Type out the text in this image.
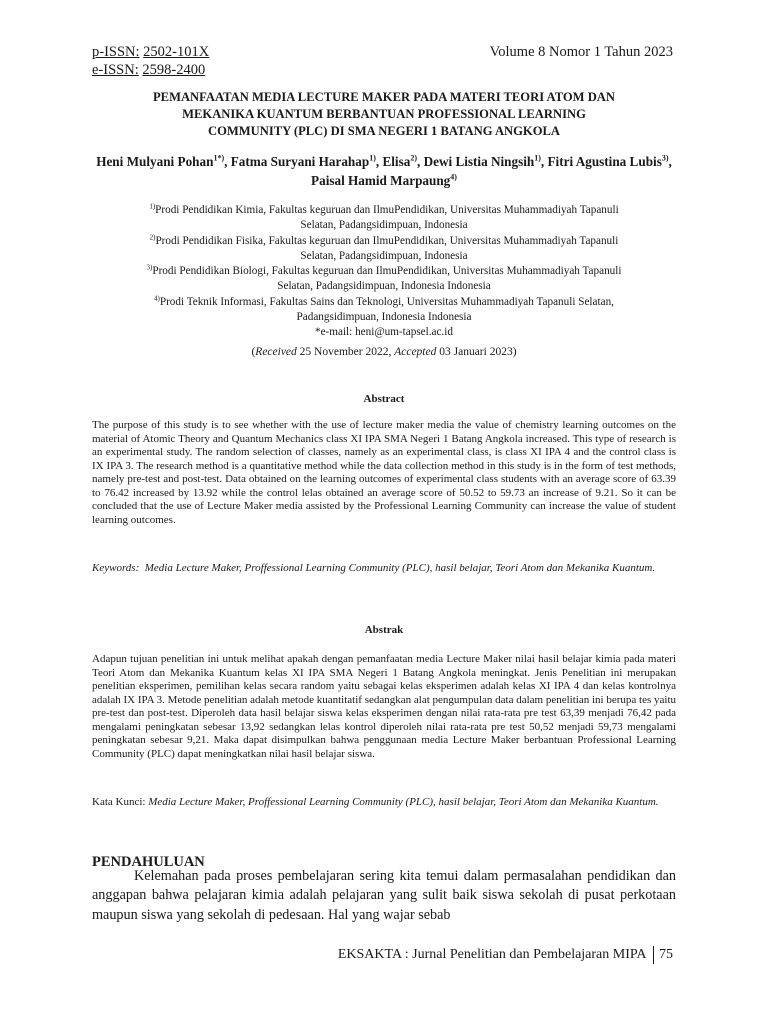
p-ISSN: 2502-101X
e-ISSN: 2598-2400
Volume 8 Nomor 1 Tahun 2023
PEMANFAATAN MEDIA LECTURE MAKER PADA MATERI TEORI ATOM DAN
MEKANIKA KUANTUM BERBANTUAN PROFESSIONAL LEARNING
COMMUNITY (PLC) DI SMA NEGERI 1 BATANG ANGKOLA
Heni Mulyani Pohan$^{1*)}$, Fatma Suryani Harahap$^{1)}$, Elisa$^{2)}$, Dewi Listia Ningsih$^{1)}$, Fitri Agustina Lubis$^{3)}$, Paisal Hamid Marpaung$^{4)}$
$^{1)}$Prodi Pendidikan Kimia, Fakultas keguruan dan IlmuPendidikan, Universitas Muhammadiyah Tapanuli
Selatan, Padangsidimpuan, Indonesia
$^{2)}$Prodi Pendidikan Fisika, Fakultas keguruan dan IlmuPendidikan, Universitas Muhammadiyah Tapanuli
Selatan, Padangsidimpuan, Indonesia
$^{3)}$Prodi Pendidikan Biologi, Fakultas keguruan dan IlmuPendidikan, Universitas Muhammadiyah Tapanuli
Selatan, Padangsidimpuan, Indonesia Indonesia
$^{4)}$Prodi Teknik Informasi, Fakultas Sains dan Teknologi, Universitas Muhammadiyah Tapanuli Selatan,
Padangsidimpuan, Indonesia Indonesia
*e-mail: heni@um-tapsel.ac.id
(Received 25 November 2022, Accepted 03 Januari 2023)
Abstract
The purpose of this study is to see whether with the use of lecture maker media the value of chemistry learning outcomes on the material of Atomic Theory and Quantum Mechanics class XI IPA SMA Negeri 1 Batang Angkola increased. This type of research is an experimental study. The random selection of classes, namely as an experimental class, is class XI IPA 4 and the control class is IX IPA 3. The research method is a quantitative method while the data collection method in this study is in the form of test methods, namely pre-test and post-test. Data obtained on the learning outcomes of experimental class students with an average score of 63.39 to 76.42 increased by 13.92 while the control lelas obtained an average score of 50.52 to 59.73 an increase of 9.21. So it can be concluded that the use of Lecture Maker media assisted by the Professional Learning Community can increase the value of student learning outcomes.
Keywords: Media Lecture Maker, Proffessional Learning Community (PLC), hasil belajar, Teori Atom dan Mekanika Kuantum.
Abstrak
Adapun tujuan penelitian ini untuk melihat apakah dengan pemanfaatan media Lecture Maker nilai hasil belajar kimia pada materi Teori Atom dan Mekanika Kuantum kelas XI IPA SMA Negeri 1 Batang Angkola meningkat. Jenis Penelitian ini merupakan penelitian eksperimen, pemilihan kelas secara random yaitu sebagai kelas eksperimen adalah kelas XI IPA 4 dan kelas kontrolnya adalah IX IPA 3. Metode penelitian adalah metode kuantitatif sedangkan alat pengumpulan data dalam penelitian ini berupa tes yaitu pre-test dan post-test. Diperoleh data hasil belajar siswa kelas eksperimen dengan nilai rata-rata pre test 63,39 menjadi 76,42 pada mengalami peningkatan sebesar 13,92 sedangkan lelas kontrol diperoleh nilai rata-rata pre test 50,52 menjadi 59,73 mengalami peningkatan sebesar 9,21. Maka dapat disimpulkan bahwa penggunaan media Lecture Maker berbantuan Professional Learning Community (PLC) dapat meningkatkan nilai hasil belajar siswa.
Kata Kunci: Media Lecture Maker, Proffessional Learning Community (PLC), hasil belajar, Teori Atom dan Mekanika Kuantum.
PENDAHULUAN
Kelemahan pada proses pembelajaran sering kita temui dalam permasalahan pendidikan dan anggapan bahwa pelajaran kimia adalah pelajaran yang sulit baik siswa sekolah di pusat perkotaan maupun siswa yang sekolah di pedesaan. Hal yang wajar sebab
EKSAKTA : Jurnal Penelitian dan Pembelajaran MIPA 75
